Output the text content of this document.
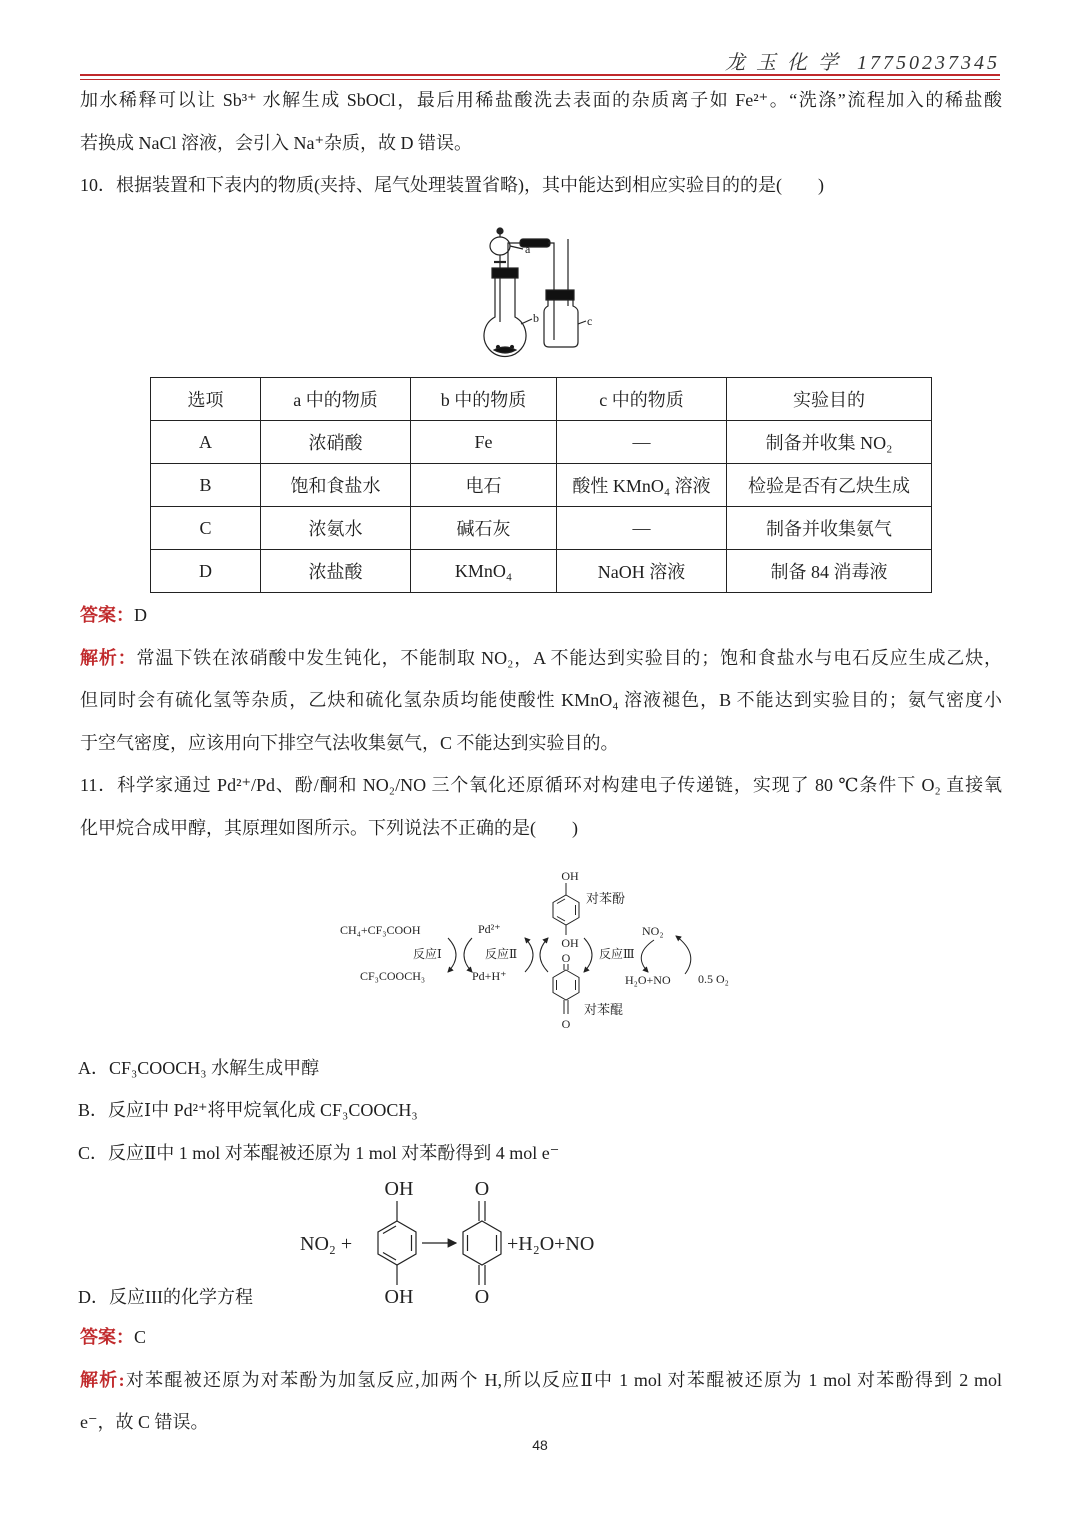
龙 玉 化 学 17750237345
加水稀释可以让 Sb³⁺ 水解生成 SbOCl，最后用稀盐酸洗去表面的杂质离子如 Fe²⁺。“洗涤”流程加入的稀盐酸
若换成 NaCl 溶液，会引入 Na⁺杂质，故 D 错误。
10．根据装置和下表内的物质(夹持、尾气处理装置省略)，其中能达到相应实验目的的是(　　)
a
b	c
选项	a 中的物质	b 中的物质	c 中的物质	实验目的
A	浓硝酸	Fe	—	制备并收集 NO₂
B	饱和食盐水	电石	酸性 KMnO₄ 溶液	检验是否有乙炔生成
C	浓氨水	碱石灰	—	制备并收集氨气
D	浓盐酸	KMnO₄	NaOH 溶液	制备 84 消毒液
答案：D
解析：常温下铁在浓硝酸中发生钝化，不能制取 NO₂，A 不能达到实验目的；饱和食盐水与电石反应生成乙炔，
但同时会有硫化氢等杂质，乙炔和硫化氢杂质均能使酸性 KMnO₄ 溶液褪色，B 不能达到实验目的；氨气密度小
于空气密度，应该用向下排空气法收集氨气，C 不能达到实验目的。
11．科学家通过 Pd²⁺/Pd、酚/酮和 NO₂/NO 三个氧化还原循环对构建电子传递链，实现了 80 ℃条件下 O₂ 直接氧
化甲烷合成甲醇，其原理如图所示。下列说法不正确的是(　　)
OH
对苯酚
OH
CH₄+CF₃COOH	Pd²⁺	NO₂
反应Ⅰ	反应Ⅱ	反应Ⅲ
CF₃COOCH₃	Pd+H⁺	H₂O+NO 0.5 O₂
O
O
对苯醌
A．CF₃COOCH₃ 水解生成甲醇
B．反应Ⅰ中 Pd²⁺将甲烷氧化成 CF₃COOCH₃
C．反应Ⅱ中 1 mol 对苯醌被还原为 1 mol 对苯酚得到 4 mol e⁻
NO₂ +
OH
OH
O
O
+H₂O+NO
D．反应III的化学方程
答案：C
解析:对苯醌被还原为对苯酚为加氢反应,加两个 H,所以反应Ⅱ中 1 mol 对苯醌被还原为 1 mol 对苯酚得到 2 mol
e⁻，故 C 错误。
48
